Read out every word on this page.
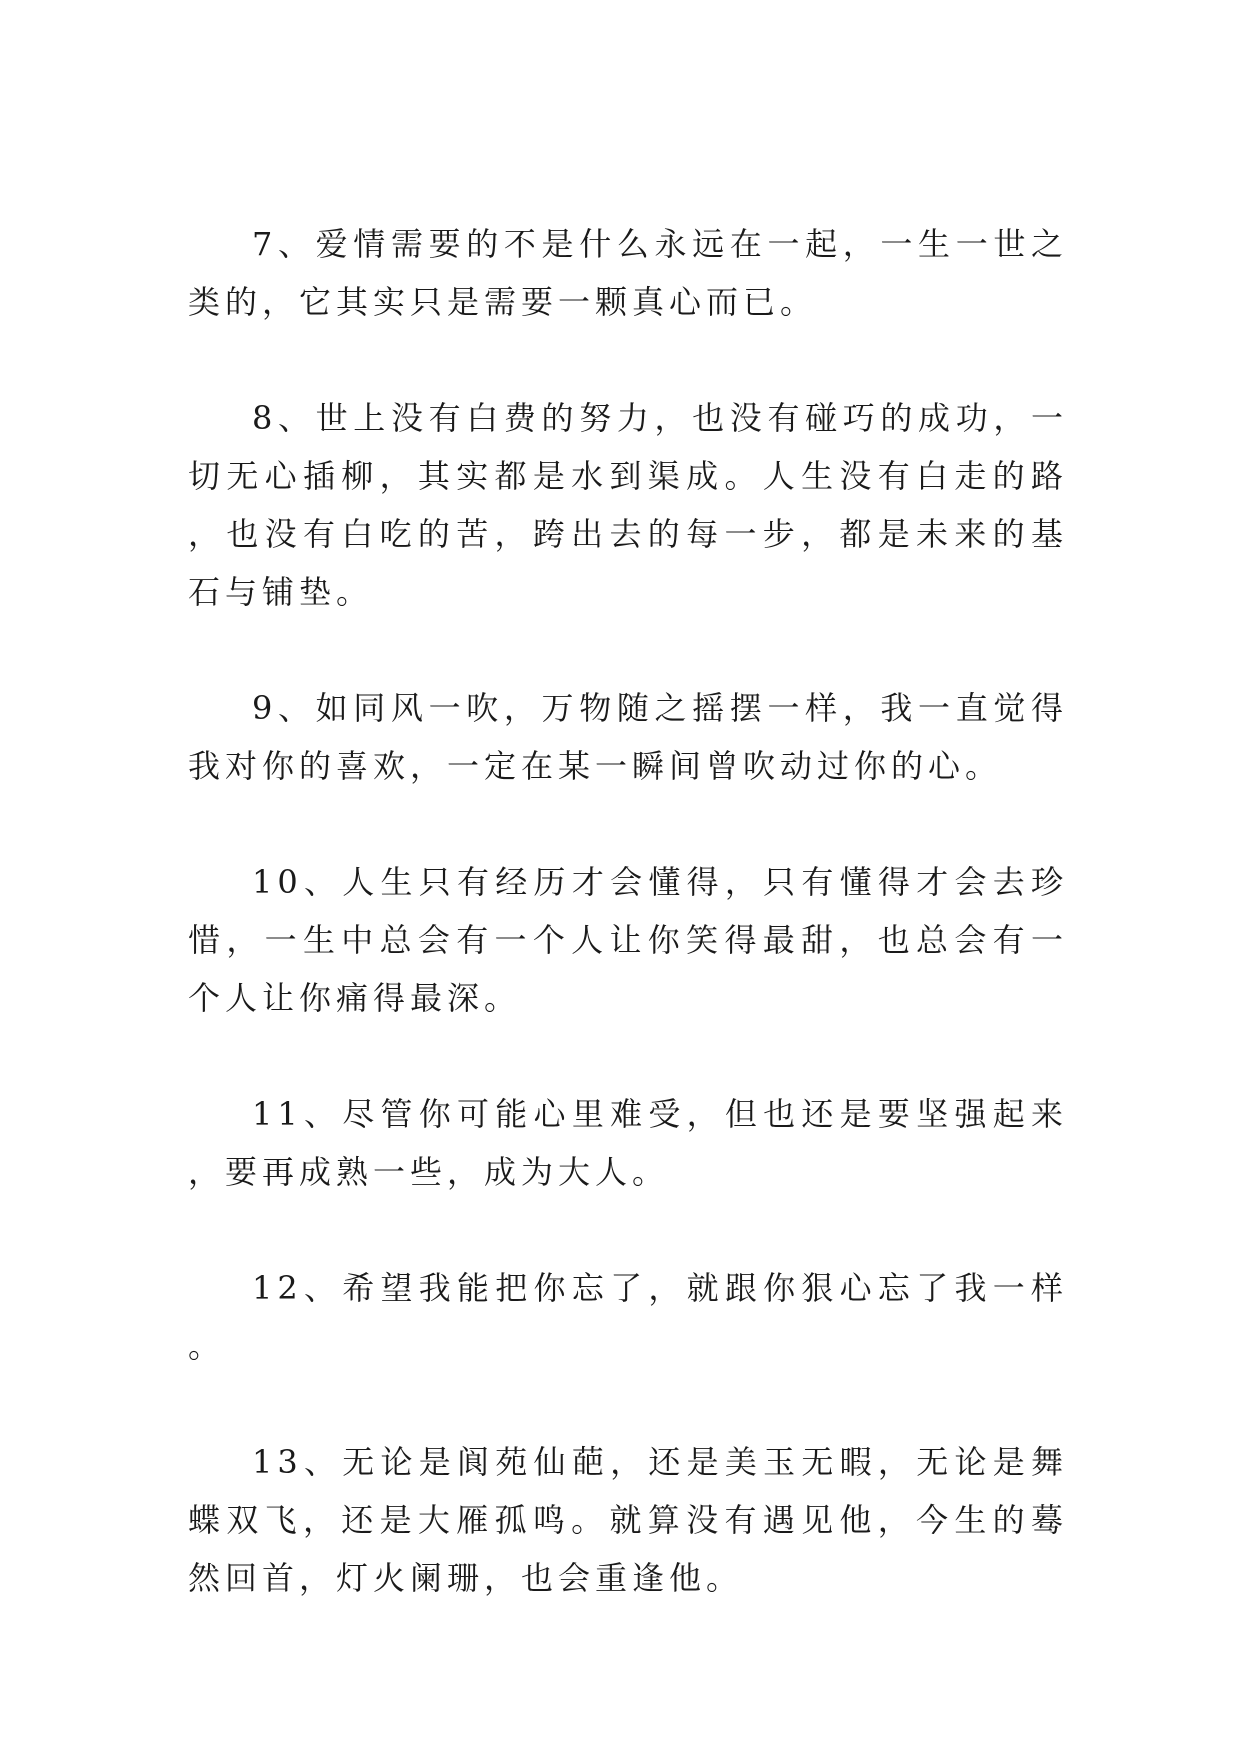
7、爱情需要的不是什么永远在一起，一生一世之类的，它其实只是需要一颗真心而已。

8、世上没有白费的努力，也没有碰巧的成功，一切无心插柳，其实都是水到渠成。人生没有白走的路，也没有白吃的苦，跨出去的每一步，都是未来的基石与铺垫。

9、如同风一吹，万物随之摇摆一样，我一直觉得我对你的喜欢，一定在某一瞬间曾吹动过你的心。

10、人生只有经历才会懂得，只有懂得才会去珍惜，一生中总会有一个人让你笑得最甜，也总会有一个人让你痛得最深。

11、尽管你可能心里难受，但也还是要坚强起来，要再成熟一些，成为大人。

12、希望我能把你忘了，就跟你狠心忘了我一样。

13、无论是阆苑仙葩，还是美玉无暇，无论是舞蝶双飞，还是大雁孤鸣。就算没有遇见他，今生的蓦然回首，灯火阑珊，也会重逢他。
